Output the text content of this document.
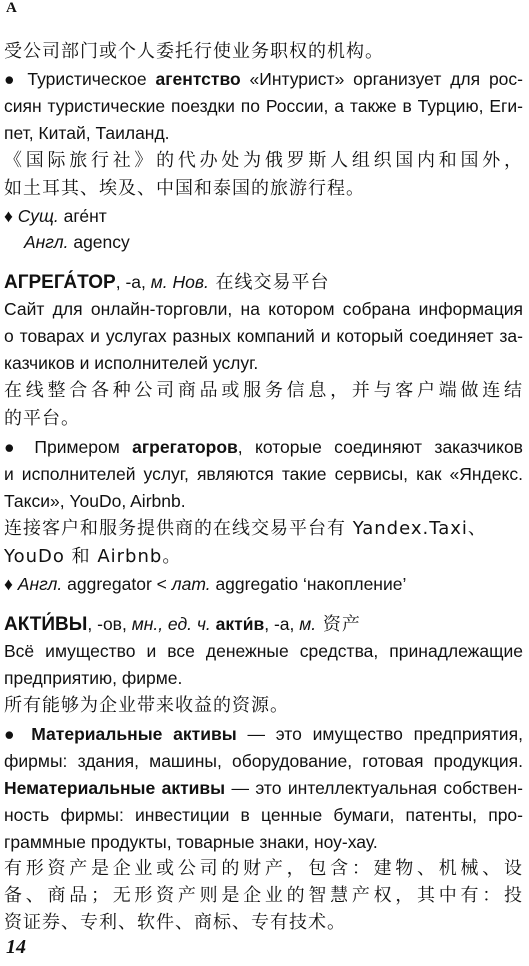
А
受公司部门或个人委托行使业务职权的机构。
● Туристическое агентство «Интурист» организует для рос-
сиян туристические поездки по России, а также в Турцию, Еги-
пет, Китай, Таиланд.
《国际旅行社》的代办处为俄罗斯人组织国内和国外，
如土耳其、埃及、中国和泰国的旅游行程。
♦ Сущ. аге́нт
Англ. agency
АГРЕГА́ТОР, -а, м. Нов. 在线交易平台
Сайт для онлайн-торговли, на котором собрана информация
о товарах и услугах разных компаний и который соединяет за-
казчиков и исполнителей услуг.
在线整合各种公司商品或服务信息，并与客户端做连结
的平台。
● Примером агрегаторов, которые соединяют заказчиков
и исполнителей услуг, являются такие сервисы, как «Яндекс.
Такси», YouDo, Airbnb.
连接客户和服务提供商的在线交易平台有 Yandex.Taxi、
YouDo 和 Airbnb。
♦ Англ. aggregator < лат. aggregatio ‘накопление’
АКТИ́ВЫ, -ов, мн., ед. ч. акти́в, -а, м. 资产
Всё имущество и все денежные средства, принадлежащие
предприятию, фирме.
所有能够为企业带来收益的资源。
● Материальные активы — это имущество предприятия,
фирмы: здания, машины, оборудование, готовая продукция.
Нематериальные активы — это интеллектуальная собствен-
ность фирмы: инвестиции в ценные бумаги, патенты, про-
граммные продукты, товарные знаки, ноу-хау.
有形资产是企业或公司的财产，包含：建物、机械、设
备、商品；无形资产则是企业的智慧产权，其中有：投
资证券、专利、软件、商标、专有技术。
14
